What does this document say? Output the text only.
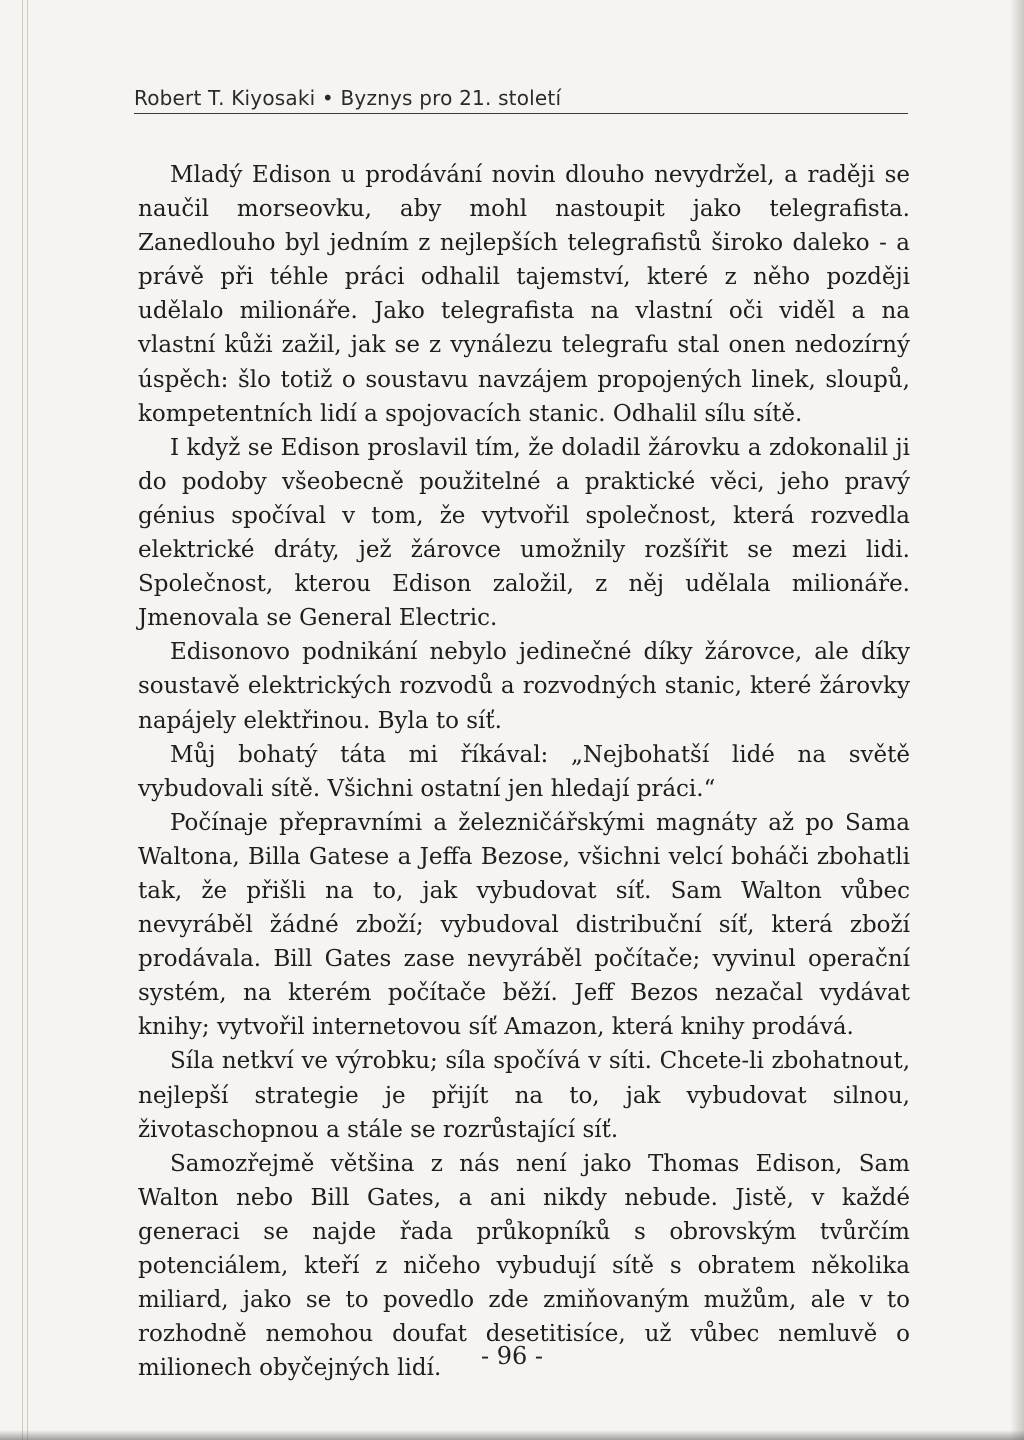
Robert T. Kiyosaki • Byznys pro 21. století

Mladý Edison u prodávání novin dlouho nevydržel, a raději se naučil morseovku, aby mohl nastoupit jako telegrafista. Zanedlouho byl jedním z nejlepších telegrafistů široko daleko - a právě při téhle práci odhalil tajemství, které z něho později udělalo milionáře. Jako telegrafista na vlastní oči viděl a na vlastní kůži zažil, jak se z vynálezu telegrafu stal onen nedozírný úspěch: šlo totiž o soustavu navzájem propojených linek, sloupů, kompetentních lidí a spojovacích stanic. Odhalil sílu sítě.

I když se Edison proslavil tím, že doladil žárovku a zdokonalil ji do podoby všeobecně použitelné a praktické věci, jeho pravý génius spočíval v tom, že vytvořil společnost, která rozvedla elektrické dráty, jež žárovce umožnily rozšířit se mezi lidi. Společnost, kterou Edison založil, z něj udělala milionáře. Jmenovala se General Electric.

Edisonovo podnikání nebylo jedinečné díky žárovce, ale díky soustavě elektrických rozvodů a rozvodných stanic, které žárovky napájely elektřinou. Byla to síť.

Můj bohatý táta mi říkával: „Nejbohatší lidé na světě vybudovali sítě. Všichni ostatní jen hledají práci.“

Počínaje přepravními a železničářskými magnáty až po Sama Waltona, Billa Gatese a Jeffa Bezose, všichni velcí boháči zbohatli tak, že přišli na to, jak vybudovat síť. Sam Walton vůbec nevyráběl žádné zboží; vybudoval distribuční síť, která zboží prodávala. Bill Gates zase nevyráběl počítače; vyvinul operační systém, na kterém počítače běží. Jeff Bezos nezačal vydávat knihy; vytvořil internetovou síť Amazon, která knihy prodává.

Síla netkví ve výrobku; síla spočívá v síti. Chcete-li zbohatnout, nejlepší strategie je přijít na to, jak vybudovat silnou, životaschopnou a stále se rozrůstající síť.

Samozřejmě většina z nás není jako Thomas Edison, Sam Walton nebo Bill Gates, a ani nikdy nebude. Jistě, v každé generaci se najde řada průkopníků s obrovským tvůrčím potenciálem, kteří z ničeho vybudují sítě s obratem několika miliard, jako se to povedlo zde zmiňovaným mužům, ale v to rozhodně nemohou doufat desetitisíce, už vůbec nemluvě o milionech obyčejných lidí.	- 96 -
